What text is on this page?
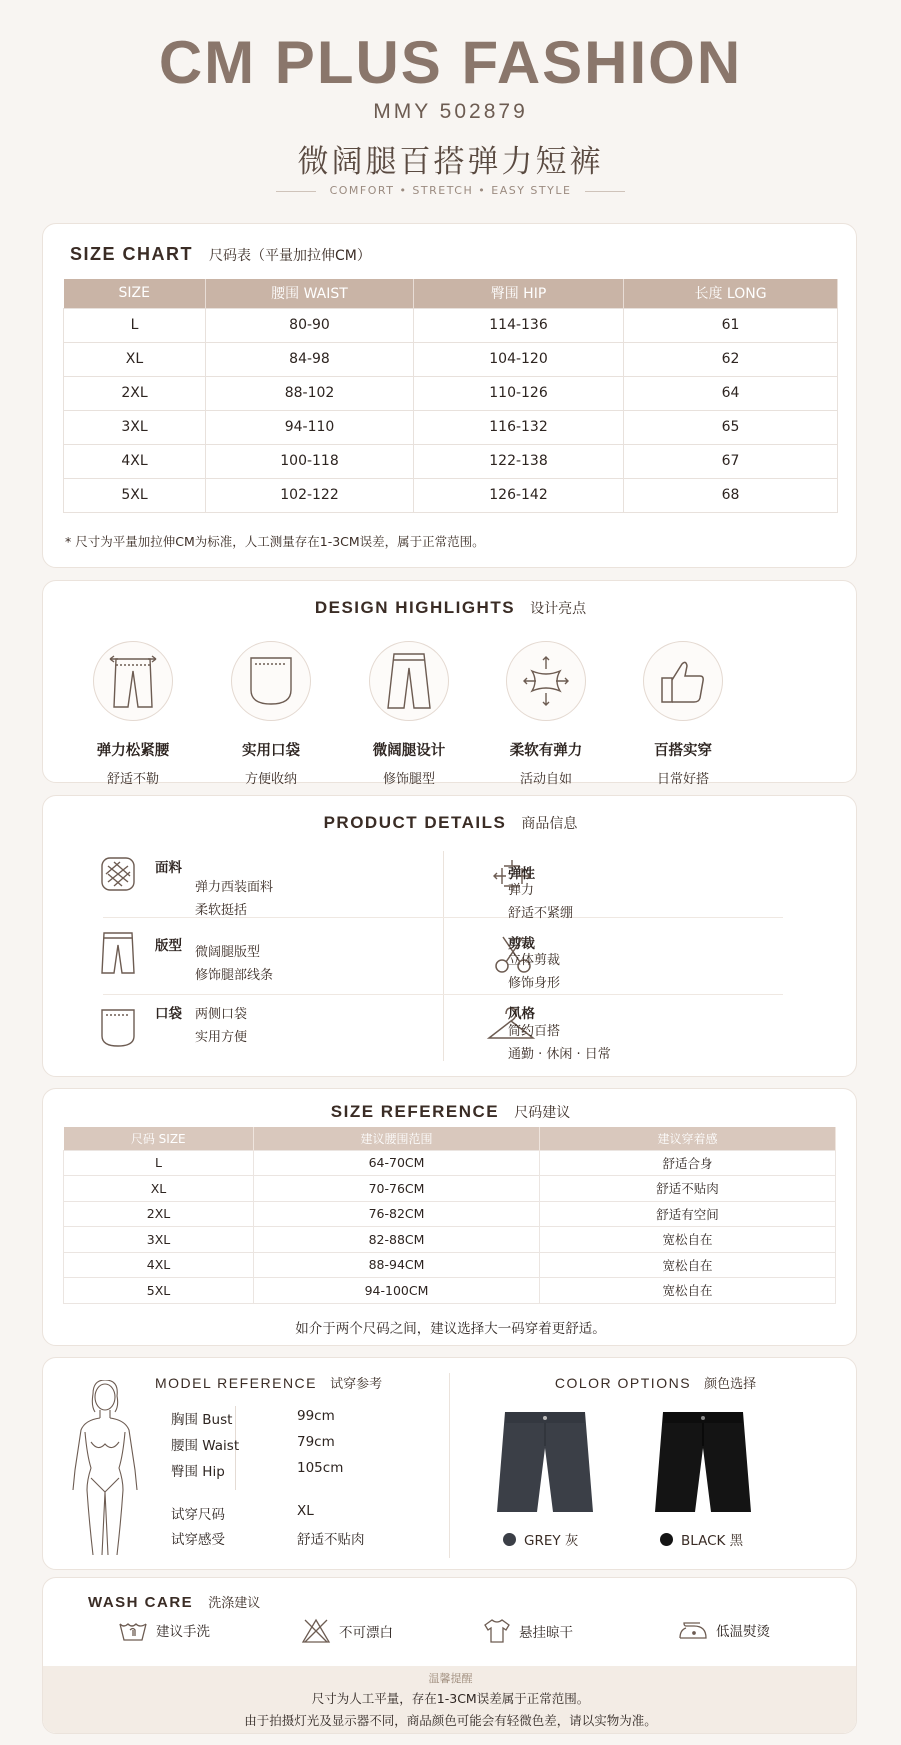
CM PLUS FASHION
MMY 502879
微阔腿百搭弹力短裤
COMFORT • STRETCH • EASY STYLE
SIZE CHART 尺码表（平量加拉伸CM）
SIZE	腰围 WAIST	臀围 HIP	长度 LONG
L	80-90	114-136	61
XL	84-98	104-120	62
2XL	88-102	110-126	64
3XL	94-110	116-132	65
4XL	100-118	122-138	67
5XL	102-122	126-142	68
* 尺寸为平量加拉伸CM为标准，人工测量存在1-3CM误差，属于正常范围。
DESIGN HIGHLIGHTS 设计亮点
弹力松紧腰
舒适不勒
实用口袋
方便收纳
微阔腿设计
修饰腿型
柔软有弹力
活动自如
百搭实穿
日常好搭
PRODUCT DETAILS 商品信息
面料
弹力西装面料
柔软挺括
版型 微阔腿版型
修饰腿部线条
口袋 两侧口袋
实用方便
弹性
弹力
舒适不紧绷
剪裁
立体剪裁
修饰身形
风格
简约百搭
通勤 · 休闲 · 日常
SIZE REFERENCE 尺码建议
尺码 SIZE	建议腰围范围	建议穿着感
L	64-70CM	舒适合身
XL	70-76CM	舒适不贴肉
2XL	76-82CM	舒适有空间
3XL	82-88CM	宽松自在
4XL	88-94CM	宽松自在
5XL	94-100CM	宽松自在
如介于两个尺码之间，建议选择大一码穿着更舒适。
MODEL REFERENCE 试穿参考
胸围 Bust	99cm
腰围 Waist	79cm
臀围 Hip	105cm
试穿尺码	XL
试穿感受	舒适不贴肉
COLOR OPTIONS 颜色选择
GREY 灰	BLACK 黑
WASH CARE 洗涤建议
建议手洗	不可漂白	悬挂晾干	低温熨烫
温馨提醒
尺寸为人工平量，存在1-3CM误差属于正常范围。
由于拍摄灯光及显示器不同，商品颜色可能会有轻微色差，请以实物为准。
